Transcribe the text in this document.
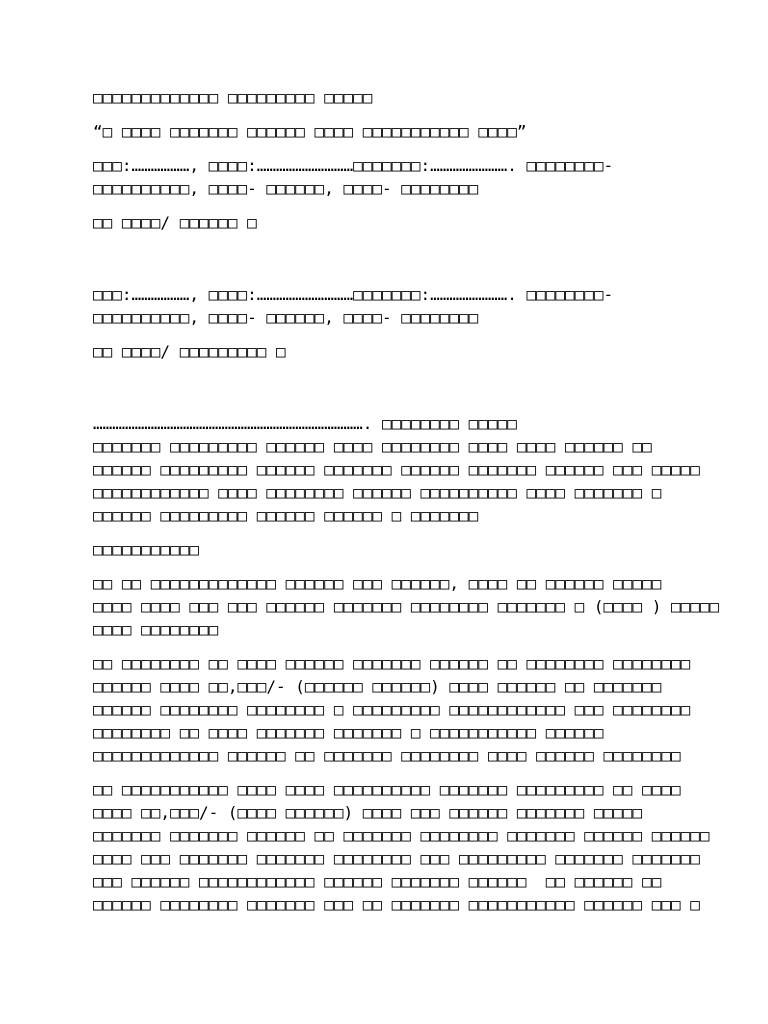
□□□□□□□□□□□□□ □□□□□□□□□ □□□□□
“□ □□□□ □□□□□□□ □□□□□□ □□□□ □□□□□□□□□□□ □□□□”
□□□:………………, □□□□:…………………………□□□□□□□:……………………. □□□□□□□□-
□□□□□□□□□□, □□□□- □□□□□□, □□□□- □□□□□□□□
□□ □□□□/ □□□□□□ □
□□□:………………, □□□□:…………………………□□□□□□□:……………………. □□□□□□□□-
□□□□□□□□□□, □□□□- □□□□□□, □□□□- □□□□□□□□
□□ □□□□/ □□□□□□□□□ □
…………………………………………………………………………. □□□□□□□□ □□□□□
□□□□□□□ □□□□□□□□□ □□□□□□ □□□□ □□□□□□□□ □□□□ □□□□ □□□□□□ □□
□□□□□□ □□□□□□□□□ □□□□□□ □□□□□□□ □□□□□□ □□□□□□□ □□□□□□ □□□ □□□□□
□□□□□□□□□□□□ □□□□ □□□□□□□□ □□□□□□ □□□□□□□□□□ □□□□ □□□□□□□ □
□□□□□□ □□□□□□□□□ □□□□□□ □□□□□□ □ □□□□□□□
□□□□□□□□□□□
□□ □□ □□□□□□□□□□□□□ □□□□□□ □□□ □□□□□□, □□□□ □□ □□□□□□ □□□□□
□□□□ □□□□ □□□ □□□ □□□□□□ □□□□□□□ □□□□□□□□ □□□□□□□ □ (□□□□ ) □□□□□
□□□□ □□□□□□□□
□□ □□□□□□□□ □□ □□□□ □□□□□□ □□□□□□□ □□□□□□ □□ □□□□□□□□ □□□□□□□□
□□□□□□ □□□□ □□,□□□/- (□□□□□□ □□□□□□) □□□□ □□□□□□ □□ □□□□□□□
□□□□□□ □□□□□□□□ □□□□□□□□ □ □□□□□□□□□ □□□□□□□□□□□□ □□□ □□□□□□□□
□□□□□□□□ □□ □□□□ □□□□□□□ □□□□□□□ □ □□□□□□□□□□□ □□□□□□
□□□□□□□□□□□□□ □□□□□□ □□ □□□□□□□ □□□□□□□□ □□□□ □□□□□□ □□□□□□□□
□□ □□□□□□□□□□□ □□□□ □□□□ □□□□□□□□□□ □□□□□□□ □□□□□□□□□ □□ □□□□
□□□□ □□,□□□/- (□□□□ □□□□□□) □□□□ □□□ □□□□□□ □□□□□□□ □□□□□
□□□□□□□ □□□□□□□ □□□□□□ □□ □□□□□□□ □□□□□□□□ □□□□□□□ □□□□□□ □□□□□□
□□□□ □□□ □□□□□□□ □□□□□□□ □□□□□□□□ □□□ □□□□□□□□□ □□□□□□□ □□□□□□□
□□□ □□□□□□ □□□□□□□□□□□□ □□□□□□ □□□□□□□ □□□□□□  □□ □□□□□□ □□
□□□□□□ □□□□□□□□ □□□□□□□ □□□ □□ □□□□□□□ □□□□□□□□□□□ □□□□□□ □□□ □
